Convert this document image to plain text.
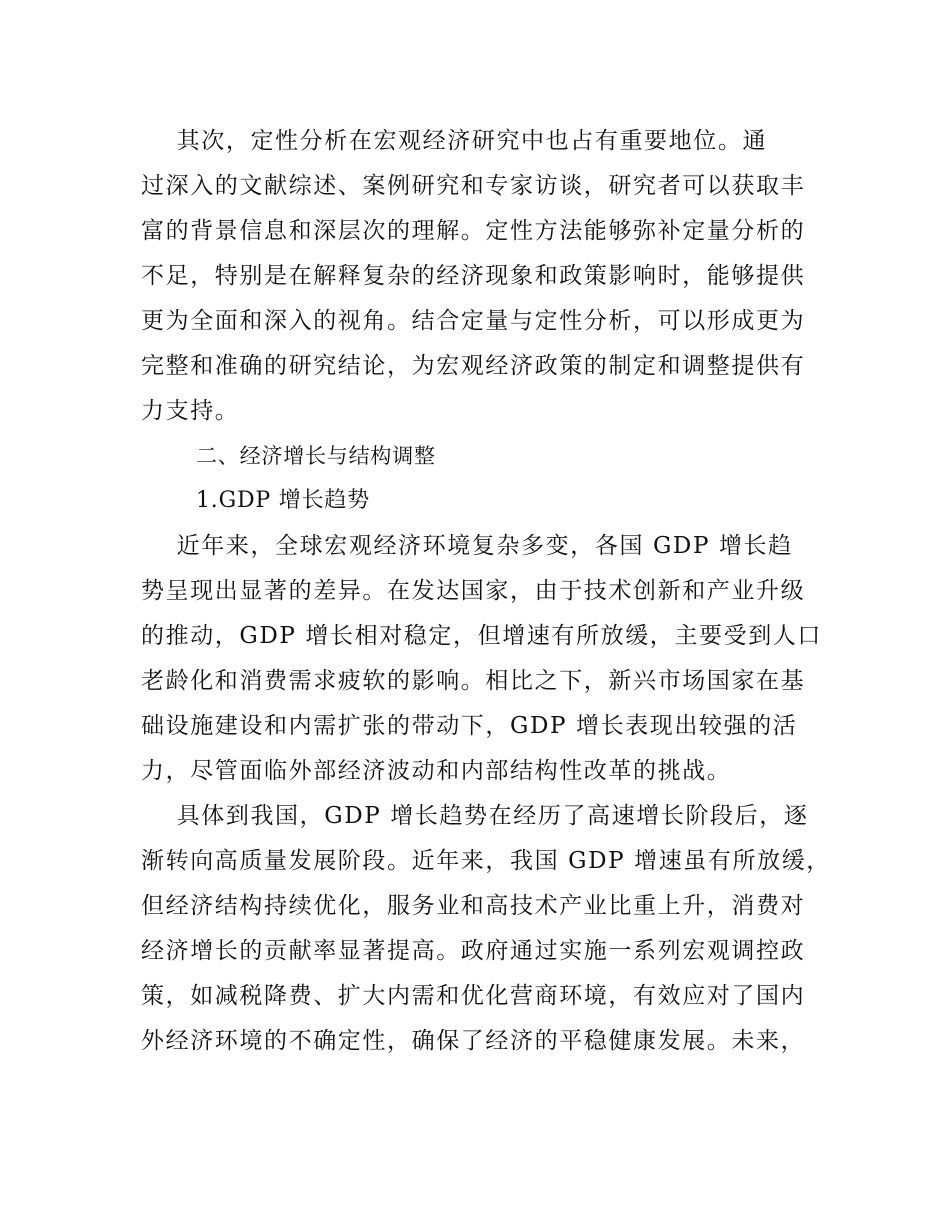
其次，定性分析在宏观经济研究中也占有重要地位。通
过深入的文献综述、案例研究和专家访谈，研究者可以获取丰
富的背景信息和深层次的理解。定性方法能够弥补定量分析的
不足，特别是在解释复杂的经济现象和政策影响时，能够提供
更为全面和深入的视角。结合定量与定性分析，可以形成更为
完整和准确的研究结论，为宏观经济政策的制定和调整提供有
力支持。
二、经济增长与结构调整
1.GDP 增长趋势
近年来，全球宏观经济环境复杂多变，各国 GDP 增长趋
势呈现出显著的差异。在发达国家，由于技术创新和产业升级
的推动，GDP 增长相对稳定，但增速有所放缓，主要受到人口
老龄化和消费需求疲软的影响。相比之下，新兴市场国家在基
础设施建设和内需扩张的带动下，GDP 增长表现出较强的活
力，尽管面临外部经济波动和内部结构性改革的挑战。
具体到我国，GDP 增长趋势在经历了高速增长阶段后，逐
渐转向高质量发展阶段。近年来，我国 GDP 增速虽有所放缓，
但经济结构持续优化，服务业和高技术产业比重上升，消费对
经济增长的贡献率显著提高。政府通过实施一系列宏观调控政
策，如减税降费、扩大内需和优化营商环境，有效应对了国内
外经济环境的不确定性，确保了经济的平稳健康发展。未来，
